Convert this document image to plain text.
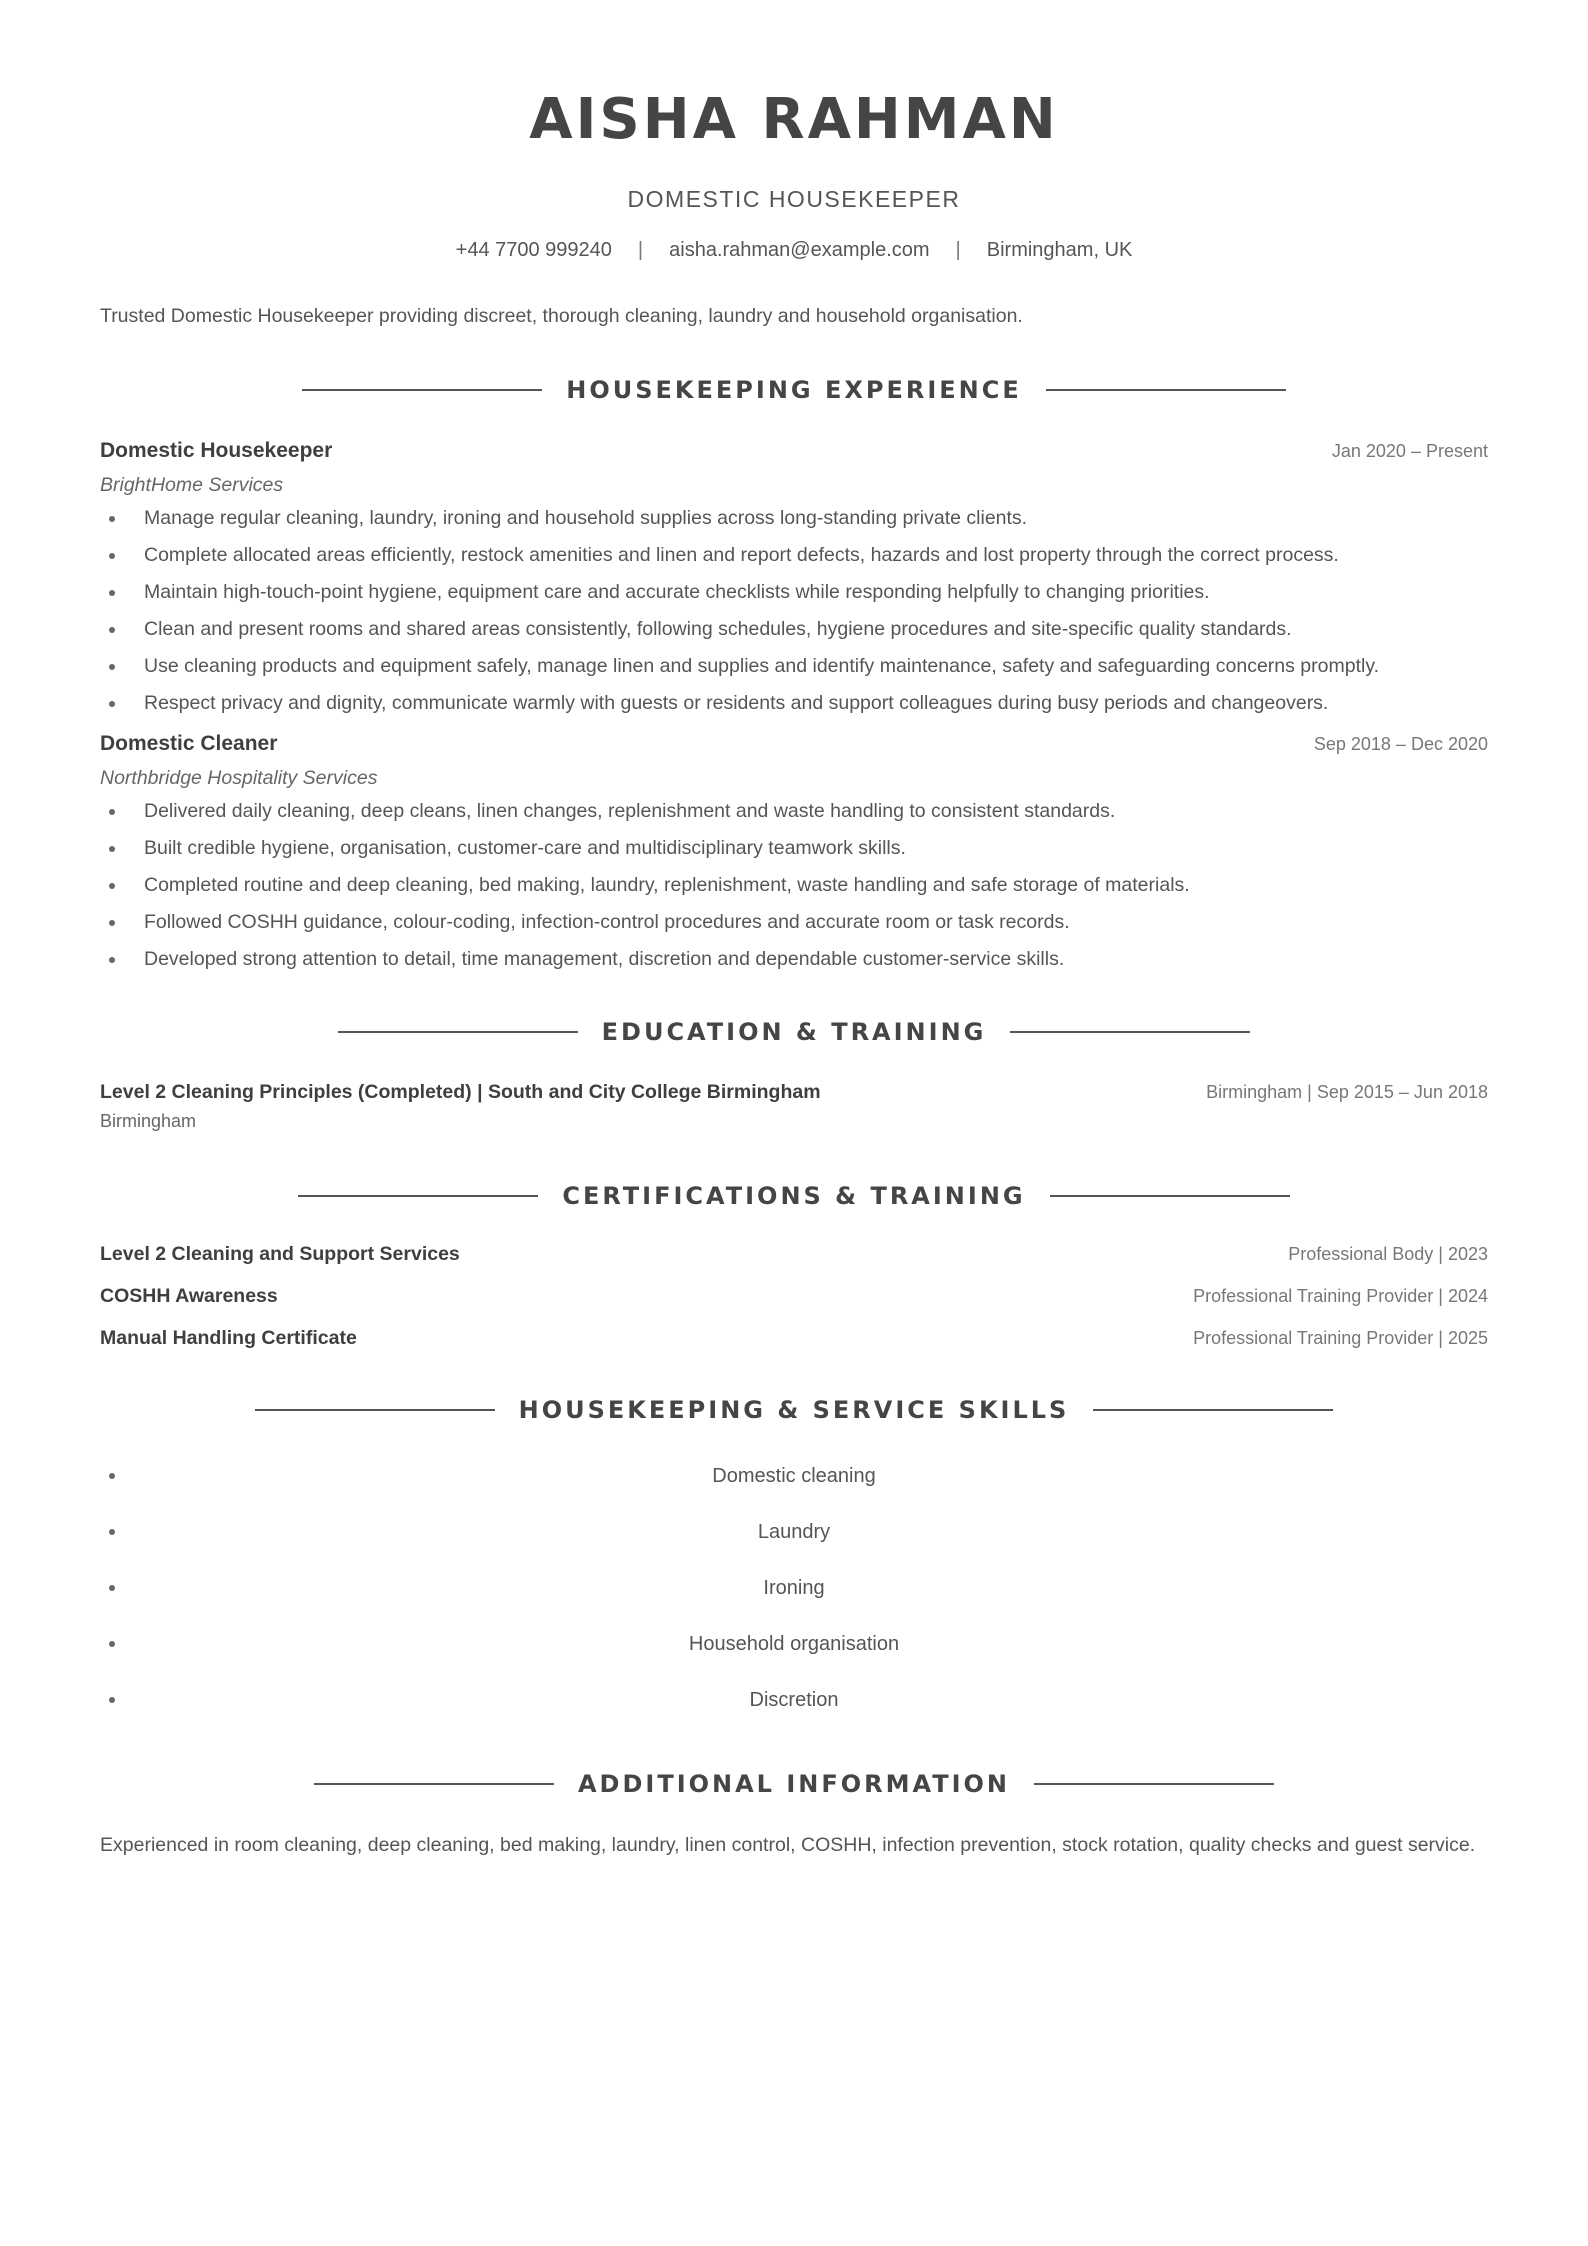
AISHA RAHMAN
DOMESTIC HOUSEKEEPER
+44 7700 999240 | aisha.rahman@example.com | Birmingham, UK

Trusted Domestic Housekeeper providing discreet, thorough cleaning, laundry and household organisation.

HOUSEKEEPING EXPERIENCE
Domestic Housekeeper	Jan 2020 – Present
BrightHome Services
Manage regular cleaning, laundry, ironing and household supplies across long-standing private clients.
Complete allocated areas efficiently, restock amenities and linen and report defects, hazards and lost property through the correct process.
Maintain high-touch-point hygiene, equipment care and accurate checklists while responding helpfully to changing priorities.
Clean and present rooms and shared areas consistently, following schedules, hygiene procedures and site-specific quality standards.
Use cleaning products and equipment safely, manage linen and supplies and identify maintenance, safety and safeguarding concerns promptly.
Respect privacy and dignity, communicate warmly with guests or residents and support colleagues during busy periods and changeovers.
Domestic Cleaner	Sep 2018 – Dec 2020
Northbridge Hospitality Services
Delivered daily cleaning, deep cleans, linen changes, replenishment and waste handling to consistent standards.
Built credible hygiene, organisation, customer-care and multidisciplinary teamwork skills.
Completed routine and deep cleaning, bed making, laundry, replenishment, waste handling and safe storage of materials.
Followed COSHH guidance, colour-coding, infection-control procedures and accurate room or task records.
Developed strong attention to detail, time management, discretion and dependable customer-service skills.
EDUCATION & TRAINING
Level 2 Cleaning Principles (Completed) | South and City College Birmingham	Birmingham | Sep 2015 – Jun 2018
Birmingham
CERTIFICATIONS & TRAINING
Level 2 Cleaning and Support Services	Professional Body | 2023
COSHH Awareness	Professional Training Provider | 2024
Manual Handling Certificate	Professional Training Provider | 2025
HOUSEKEEPING & SERVICE SKILLS
Domestic cleaning
Laundry
Ironing
Household organisation
Discretion
ADDITIONAL INFORMATION

Experienced in room cleaning, deep cleaning, bed making, laundry, linen control, COSHH, infection prevention, stock rotation, quality checks and guest service.
